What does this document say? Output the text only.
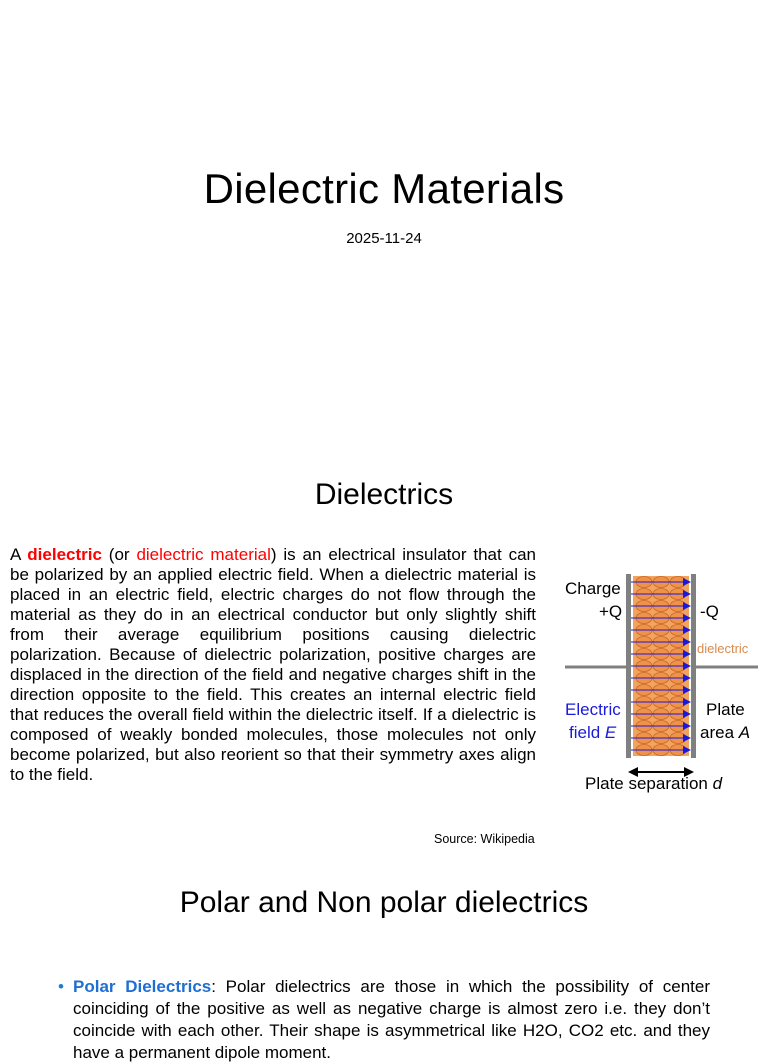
Dielectric Materials
2025-11-24
Dielectrics
A dielectric (or dielectric material) is an electrical insulator that can be polarized by an applied electric field. When a dielectric material is placed in an electric field, electric charges do not flow through the material as they do in an electrical conductor but only slightly shift from their average equilibrium positions causing dielectric polarization. Because of dielectric polarization, positive charges are displaced in the direction of the field and negative charges shift in the direction opposite to the field. This creates an internal electric field that reduces the overall field within the dielectric itself. If a dielectric is composed of weakly bonded molecules, those molecules not only become polarized, but also reorient so that their symmetry axes align to the field.
Charge
+Q	-Q
dielectric
Electric
field E
Plate
area A
Plate separation d
Source: Wikipedia
Polar and Non polar dielectrics
• Polar Dielectrics: Polar dielectrics are those in which the possibility of center coinciding of the positive as well as negative charge is almost zero i.e. they don’t coincide with each other. Their shape is asymmetrical like H2O, CO2 etc. and they have a permanent dipole moment.
